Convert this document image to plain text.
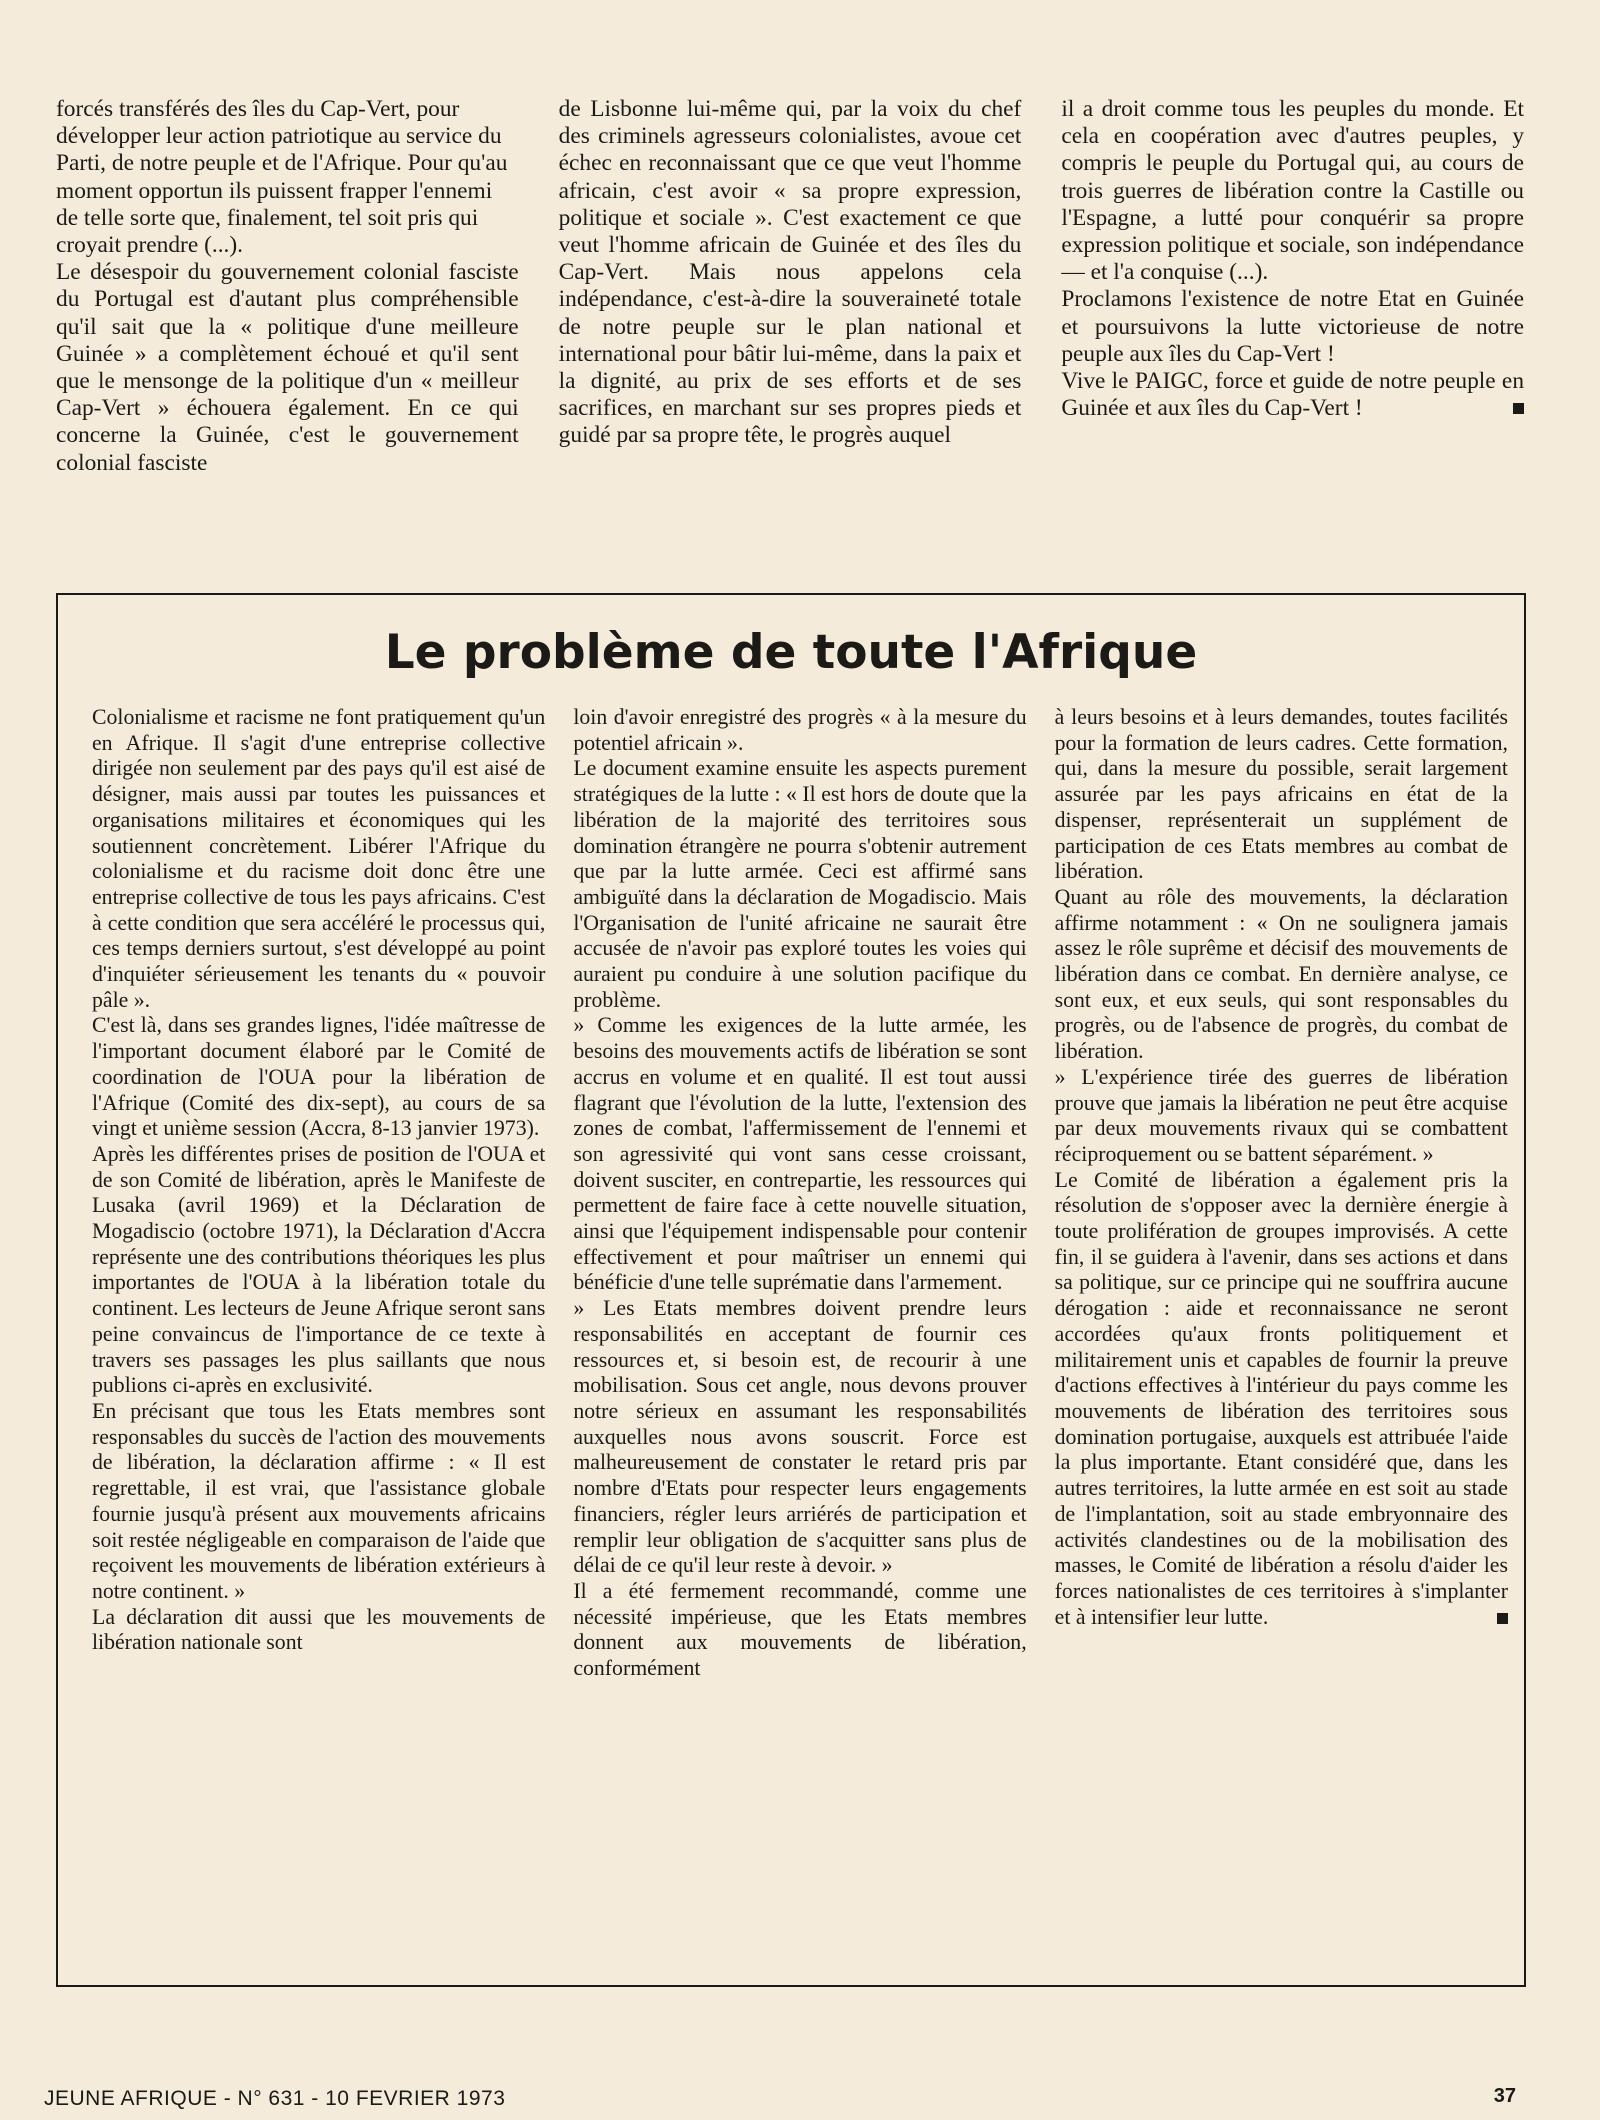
forcés transférés des îles du Cap-Vert, pour développer leur action patriotique au service du Parti, de notre peuple et de l'Afrique. Pour qu'au moment opportun ils puissent frapper l'ennemi de telle sorte que, finalement, tel soit pris qui croyait prendre (...).

Le désespoir du gouvernement colonial fasciste du Portugal est d'autant plus compréhensible qu'il sait que la « politique d'une meilleure Guinée » a complètement échoué et qu'il sent que le mensonge de la politique d'un « meilleur Cap-Vert » échouera également. En ce qui concerne la Guinée, c'est le gouvernement colonial fasciste

de Lisbonne lui-même qui, par la voix du chef des criminels agresseurs colonialistes, avoue cet échec en reconnaissant que ce que veut l'homme africain, c'est avoir « sa propre expression, politique et sociale ». C'est exactement ce que veut l'homme africain de Guinée et des îles du Cap-Vert. Mais nous appelons cela indépendance, c'est-à-dire la souveraineté totale de notre peuple sur le plan national et international pour bâtir lui-même, dans la paix et la dignité, au prix de ses efforts et de ses sacrifices, en marchant sur ses propres pieds et guidé par sa propre tête, le progrès auquel

il a droit comme tous les peuples du monde. Et cela en coopération avec d'autres peuples, y compris le peuple du Portugal qui, au cours de trois guerres de libération contre la Castille ou l'Espagne, a lutté pour conquérir sa propre expression politique et sociale, son indépendance — et l'a conquise (...).

Proclamons l'existence de notre Etat en Guinée et poursuivons la lutte victorieuse de notre peuple aux îles du Cap-Vert !

Vive le PAIGC, force et guide de notre peuple en Guinée et aux îles du Cap-Vert !

Le problème de toute l'Afrique

Colonialisme et racisme ne font pratiquement qu'un en Afrique. Il s'agit d'une entreprise collective dirigée non seulement par des pays qu'il est aisé de désigner, mais aussi par toutes les puissances et organisations militaires et économiques qui les soutiennent concrètement. Libérer l'Afrique du colonialisme et du racisme doit donc être une entreprise collective de tous les pays africains. C'est à cette condition que sera accéléré le processus qui, ces temps derniers surtout, s'est développé au point d'inquiéter sérieusement les tenants du « pouvoir pâle ».

C'est là, dans ses grandes lignes, l'idée maîtresse de l'important document élaboré par le Comité de coordination de l'OUA pour la libération de l'Afrique (Comité des dix-sept), au cours de sa vingt et unième session (Accra, 8-13 janvier 1973).

Après les différentes prises de position de l'OUA et de son Comité de libération, après le Manifeste de Lusaka (avril 1969) et la Déclaration de Mogadiscio (octobre 1971), la Déclaration d'Accra représente une des contributions théoriques les plus importantes de l'OUA à la libération totale du continent. Les lecteurs de Jeune Afrique seront sans peine convaincus de l'importance de ce texte à travers ses passages les plus saillants que nous publions ci-après en exclusivité.

En précisant que tous les Etats membres sont responsables du succès de l'action des mouvements de libération, la déclaration affirme : « Il est regrettable, il est vrai, que l'assistance globale fournie jusqu'à présent aux mouvements africains soit restée négligeable en comparaison de l'aide que reçoivent les mouvements de libération extérieurs à notre continent. »

La déclaration dit aussi que les mouvements de libération nationale sont

loin d'avoir enregistré des progrès « à la mesure du potentiel africain ».

Le document examine ensuite les aspects purement stratégiques de la lutte : « Il est hors de doute que la libération de la majorité des territoires sous domination étrangère ne pourra s'obtenir autrement que par la lutte armée. Ceci est affirmé sans ambiguïté dans la déclaration de Mogadiscio. Mais l'Organisation de l'unité africaine ne saurait être accusée de n'avoir pas exploré toutes les voies qui auraient pu conduire à une solution pacifique du problème.

» Comme les exigences de la lutte armée, les besoins des mouvements actifs de libération se sont accrus en volume et en qualité. Il est tout aussi flagrant que l'évolution de la lutte, l'extension des zones de combat, l'affermissement de l'ennemi et son agressivité qui vont sans cesse croissant, doivent susciter, en contrepartie, les ressources qui permettent de faire face à cette nouvelle situation, ainsi que l'équipement indispensable pour contenir effectivement et pour maîtriser un ennemi qui bénéficie d'une telle suprématie dans l'armement.

» Les Etats membres doivent prendre leurs responsabilités en acceptant de fournir ces ressources et, si besoin est, de recourir à une mobilisation. Sous cet angle, nous devons prouver notre sérieux en assumant les responsabilités auxquelles nous avons souscrit. Force est malheureusement de constater le retard pris par nombre d'Etats pour respecter leurs engagements financiers, régler leurs arriérés de participation et remplir leur obligation de s'acquitter sans plus de délai de ce qu'il leur reste à devoir. »

Il a été fermement recommandé, comme une nécessité impérieuse, que les Etats membres donnent aux mouvements de libération, conformément

à leurs besoins et à leurs demandes, toutes facilités pour la formation de leurs cadres. Cette formation, qui, dans la mesure du possible, serait largement assurée par les pays africains en état de la dispenser, représenterait un supplément de participation de ces Etats membres au combat de libération.

Quant au rôle des mouvements, la déclaration affirme notamment : « On ne soulignera jamais assez le rôle suprême et décisif des mouvements de libération dans ce combat. En dernière analyse, ce sont eux, et eux seuls, qui sont responsables du progrès, ou de l'absence de progrès, du combat de libération.

» L'expérience tirée des guerres de libération prouve que jamais la libération ne peut être acquise par deux mouvements rivaux qui se combattent réciproquement ou se battent séparément. »

Le Comité de libération a également pris la résolution de s'opposer avec la dernière énergie à toute prolifération de groupes improvisés. A cette fin, il se guidera à l'avenir, dans ses actions et dans sa politique, sur ce principe qui ne souffrira aucune dérogation : aide et reconnaissance ne seront accordées qu'aux fronts politiquement et militairement unis et capables de fournir la preuve d'actions effectives à l'intérieur du pays comme les mouvements de libération des territoires sous domination portugaise, auxquels est attribuée l'aide la plus importante. Etant considéré que, dans les autres territoires, la lutte armée en est soit au stade de l'implantation, soit au stade embryonnaire des activités clandestines ou de la mobilisation des masses, le Comité de libération a résolu d'aider les forces nationalistes de ces territoires à s'implanter et à intensifier leur lutte.

JEUNE AFRIQUE - N° 631 - 10 FEVRIER 1973	37
